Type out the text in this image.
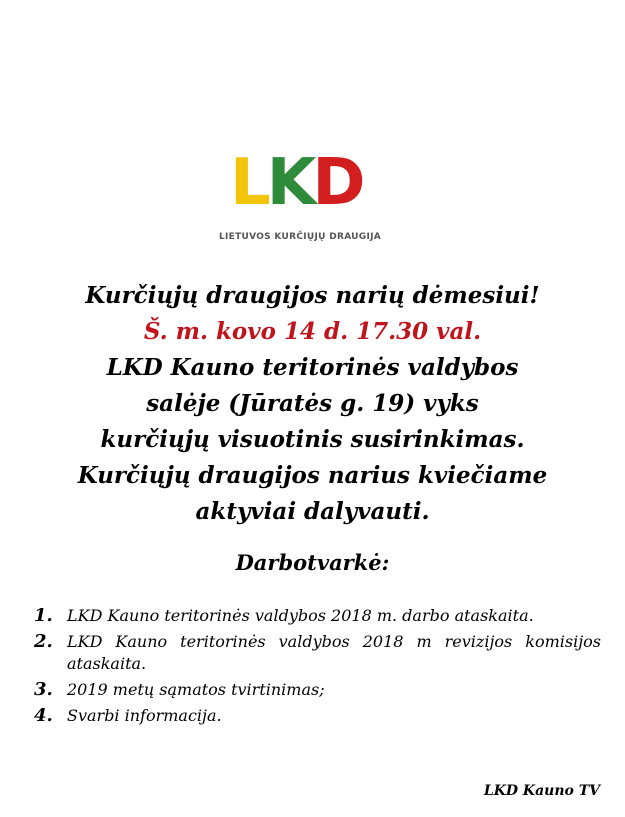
LKD
LIETUVOS KURČIŲJŲ DRAUGIJA
Kurčiųjų draugijos narių dėmesiui!
Š. m. kovo 14 d. 17.30 val.
LKD Kauno teritorinės valdybos
salėje (Jūratės g. 19) vyks
kurčiųjų visuotinis susirinkimas.
Kurčiųjų draugijos narius kviečiame
aktyviai dalyvauti.
Darbotvarkė:
1. LKD Kauno teritorinės valdybos 2018 m. darbo ataskaita.
2. LKD Kauno teritorinės valdybos 2018 m revizijos komisijos ataskaita.
3. 2019 metų sąmatos tvirtinimas;
4. Svarbi informacija.
LKD Kauno TV
